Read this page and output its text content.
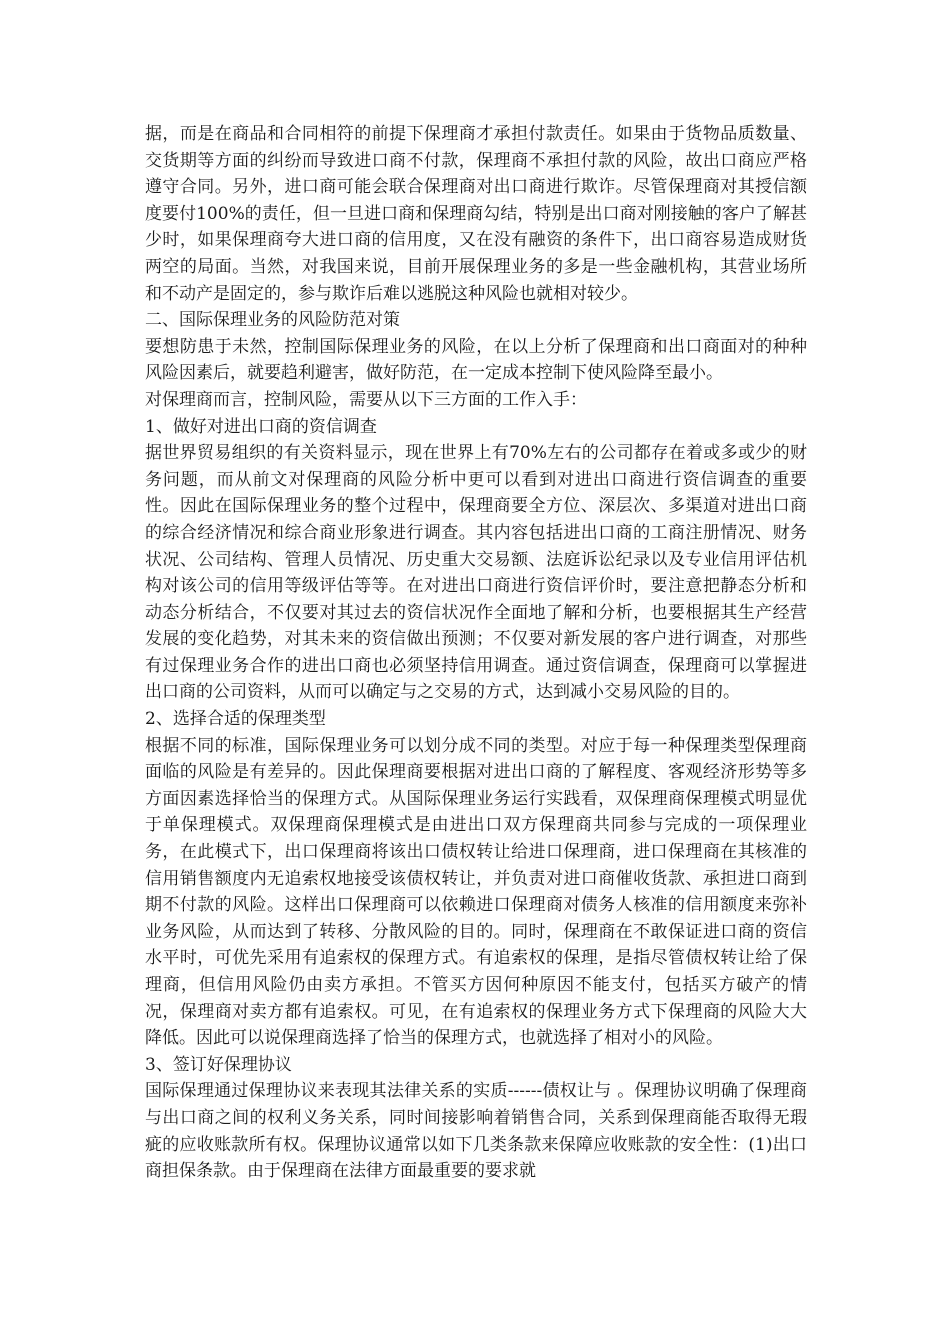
据，而是在商品和合同相符的前提下保理商才承担付款责任。如果由于货物品质数量、交货期等方面的纠纷而导致进口商不付款，保理商不承担付款的风险，故出口商应严格遵守合同。另外，进口商可能会联合保理商对出口商进行欺诈。尽管保理商对其授信额度要付100%的责任，但一旦进口商和保理商勾结，特别是出口商对刚接触的客户了解甚少时，如果保理商夸大进口商的信用度，又在没有融资的条件下，出口商容易造成财货两空的局面。当然，对我国来说，目前开展保理业务的多是一些金融机构，其营业场所和不动产是固定的，参与欺诈后难以逃脱这种风险也就相对较少。

二、国际保理业务的风险防范对策

要想防患于未然，控制国际保理业务的风险，在以上分析了保理商和出口商面对的种种风险因素后，就要趋利避害，做好防范，在一定成本控制下使风险降至最小。

对保理商而言，控制风险，需要从以下三方面的工作入手：

1、做好对进出口商的资信调查

据世界贸易组织的有关资料显示，现在世界上有70%左右的公司都存在着或多或少的财务问题，而从前文对保理商的风险分析中更可以看到对进出口商进行资信调查的重要性。因此在国际保理业务的整个过程中，保理商要全方位、深层次、多渠道对进出口商的综合经济情况和综合商业形象进行调查。其内容包括进出口商的工商注册情况、财务状况、公司结构、管理人员情况、历史重大交易额、法庭诉讼纪录以及专业信用评估机构对该公司的信用等级评估等等。在对进出口商进行资信评价时，要注意把静态分析和动态分析结合，不仅要对其过去的资信状况作全面地了解和分析，也要根据其生产经营发展的变化趋势，对其未来的资信做出预测；不仅要对新发展的客户进行调查，对那些有过保理业务合作的进出口商也必须坚持信用调查。通过资信调查，保理商可以掌握进出口商的公司资料，从而可以确定与之交易的方式，达到减小交易风险的目的。

2、选择合适的保理类型

根据不同的标准，国际保理业务可以划分成不同的类型。对应于每一种保理类型保理商面临的风险是有差异的。因此保理商要根据对进出口商的了解程度、客观经济形势等多方面因素选择恰当的保理方式。从国际保理业务运行实践看，双保理商保理模式明显优于单保理模式。双保理商保理模式是由进出口双方保理商共同参与完成的一项保理业务，在此模式下，出口保理商将该出口债权转让给进口保理商，进口保理商在其核准的信用销售额度内无追索权地接受该债权转让，并负责对进口商催收货款、承担进口商到期不付款的风险。这样出口保理商可以依赖进口保理商对债务人核准的信用额度来弥补业务风险，从而达到了转移、分散风险的目的。同时，保理商在不敢保证进口商的资信水平时，可优先采用有追索权的保理方式。有追索权的保理，是指尽管债权转让给了保理商，但信用风险仍由卖方承担。不管买方因何种原因不能支付，包括买方破产的情况，保理商对卖方都有追索权。可见，在有追索权的保理业务方式下保理商的风险大大降低。因此可以说保理商选择了恰当的保理方式，也就选择了相对小的风险。

3、签订好保理协议

国际保理通过保理协议来表现其法律关系的实质------债权让与 。保理协议明确了保理商与出口商之间的权利义务关系，同时间接影响着销售合同，关系到保理商能否取得无瑕疵的应收账款所有权。保理协议通常以如下几类条款来保障应收账款的安全性：(1)出口商担保条款。由于保理商在法律方面最重要的要求就
